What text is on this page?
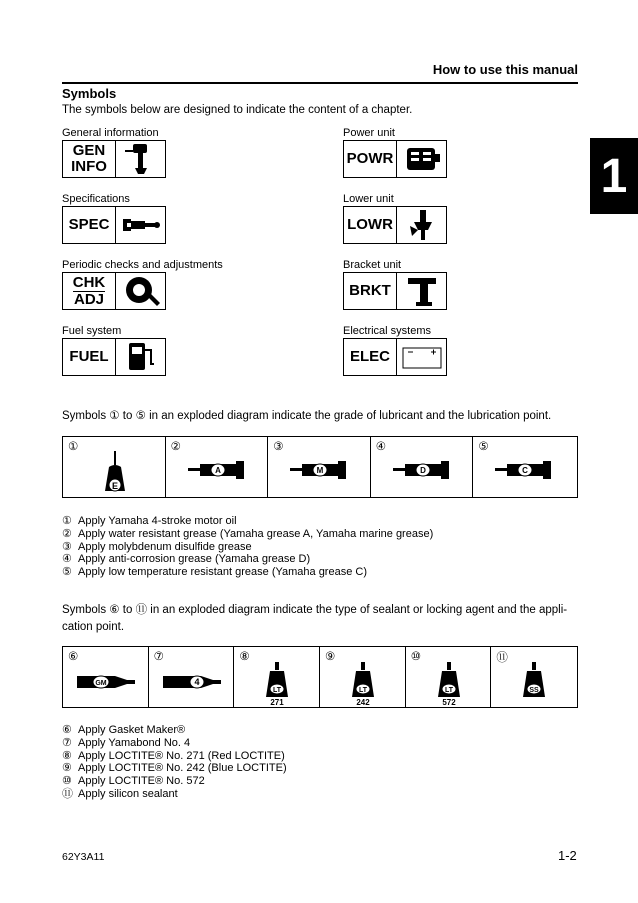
How to use this manual
1
Symbols
The symbols below are designed to indicate the content of a chapter.
General information
GEN
INFO
Specifications
SPEC
Periodic checks and adjustments
CHK
ADJ
Fuel system
FUEL
Power unit
POWR
Lower unit
LOWR
Bracket unit
BRKT
Electrical systems
ELEC
Symbols ① to ⑤ in an exploded diagram indicate the grade of lubricant and the lubrication point.
①
E
②
A
③
M
④
D
⑤
C
① Apply Yamaha 4-stroke motor oil
② Apply water resistant grease (Yamaha grease A, Yamaha marine grease)
③ Apply molybdenum disulfide grease
④ Apply anti-corrosion grease (Yamaha grease D)
⑤ Apply low temperature resistant grease (Yamaha grease C)
Symbols ⑥ to ⑪ in an exploded diagram indicate the type of sealant or locking agent and the appli-
cation point.
⑥
GM
⑦
4
⑧
LT
271
⑨
LT
242
⑩
LT
572
⑪
SS
⑥ Apply Gasket Maker®
⑦ Apply Yamabond No. 4
⑧ Apply LOCTITE® No. 271 (Red LOCTITE)
⑨ Apply LOCTITE® No. 242 (Blue LOCTITE)
⑩ Apply LOCTITE® No. 572
⑪ Apply silicon sealant
62Y3A11	1-2
